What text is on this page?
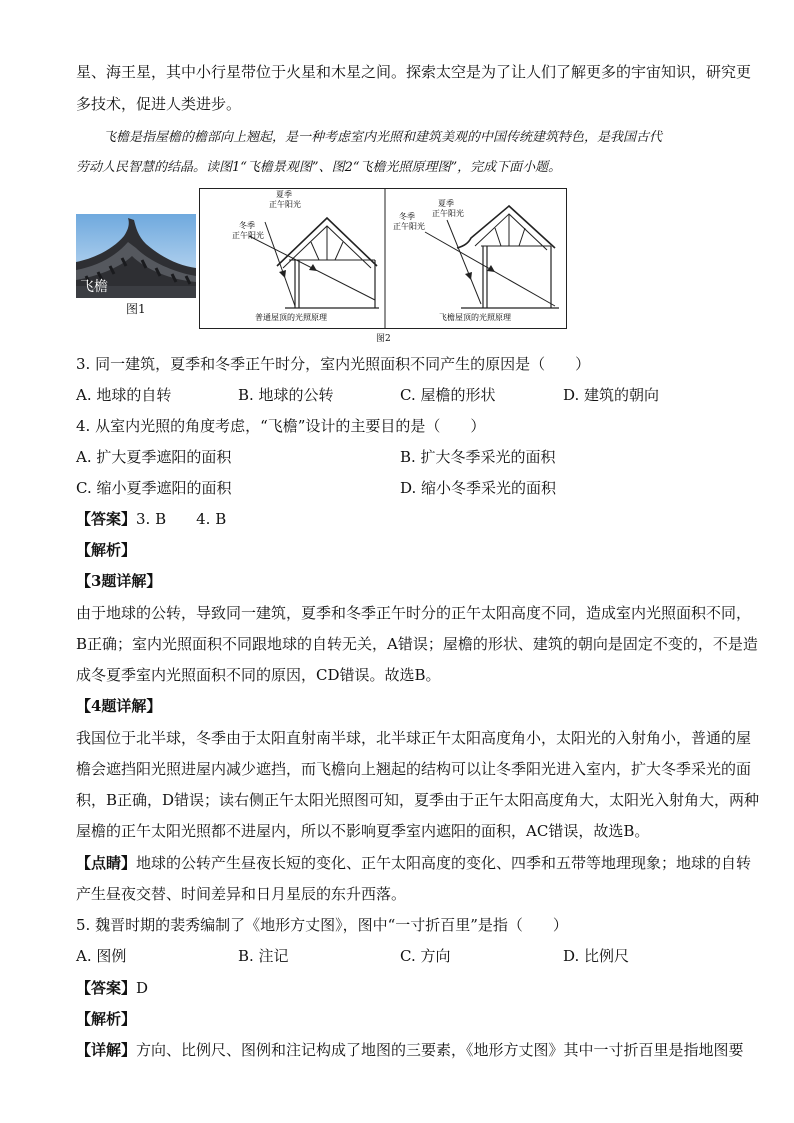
星、海王星，其中小行星带位于火星和木星之间。探索太空是为了让人们了解更多的宇宙知识，研究更
多技术，促进人类进步。
飞檐是指屋檐的檐部向上翘起，是一种考虑室内光照和建筑美观的中国传统建筑特色，是我国古代
劳动人民智慧的结晶。读图1“飞檐景观图”、图2“飞檐光照原理图”，完成下面小题。
飞檐
图1
夏季
正午阳光
冬季
正午阳光
夏季
正午阳光
冬季
正午阳光
普通屋顶的光照原理	飞檐屋顶的光照原理
图2
3. 同一建筑，夏季和冬季正午时分，室内光照面积不同产生的原因是（　　）
A. 地球的自转	B. 地球的公转	C. 屋檐的形状	D. 建筑的朝向
4. 从室内光照的角度考虑，“飞檐”设计的主要目的是（　　）
A. 扩大夏季遮阳的面积	B. 扩大冬季采光的面积
C. 缩小夏季遮阳的面积	D. 缩小冬季采光的面积
【答案】3. B　　4. B
【解析】
【3题详解】
由于地球的公转，导致同一建筑，夏季和冬季正午时分的正午太阳高度不同，造成室内光照面积不同，
B正确；室内光照面积不同跟地球的自转无关，A错误；屋檐的形状、建筑的朝向是固定不变的，不是造
成冬夏季室内光照面积不同的原因，CD错误。故选B。
【4题详解】
我国位于北半球，冬季由于太阳直射南半球，北半球正午太阳高度角小，太阳光的入射角小，普通的屋
檐会遮挡阳光照进屋内减少遮挡，而飞檐向上翘起的结构可以让冬季阳光进入室内，扩大冬季采光的面
积，B正确，D错误；读右侧正午太阳光照图可知，夏季由于正午太阳高度角大，太阳光入射角大，两种
屋檐的正午太阳光照都不进屋内，所以不影响夏季室内遮阳的面积，AC错误，故选B。
【点睛】地球的公转产生昼夜长短的变化、正午太阳高度的变化、四季和五带等地理现象；地球的自转
产生昼夜交替、时间差异和日月星辰的东升西落。
5. 魏晋时期的裴秀编制了《地形方丈图》，图中“一寸折百里”是指（　　）
A. 图例	B. 注记	C. 方向	D. 比例尺
【答案】D
【解析】
【详解】方向、比例尺、图例和注记构成了地图的三要素，《地形方丈图》其中一寸折百里是指地图要
